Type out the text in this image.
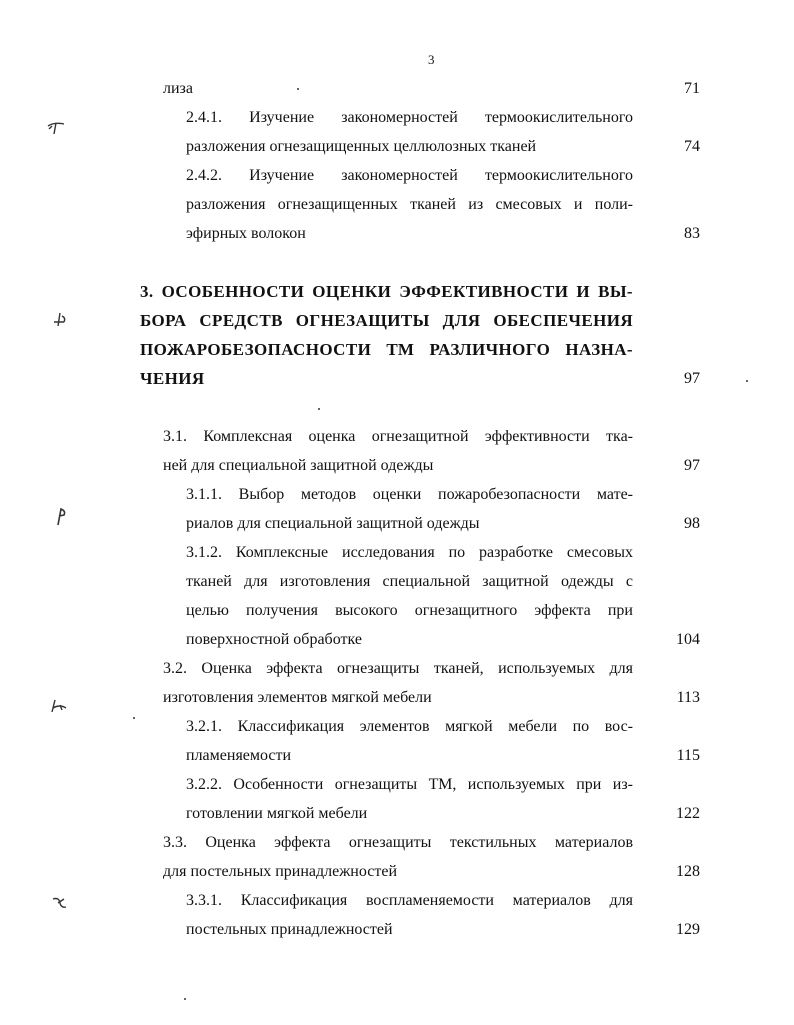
3
лиза	71
2.4.1. Изучение закономерностей термоокислительного
разложения огнезащищенных целлюлозных тканей	74
2.4.2. Изучение закономерностей термоокислительного
разложения огнезащищенных тканей из смесовых и поли-
эфирных волокон	83
3. ОСОБЕННОСТИ ОЦЕНКИ ЭФФЕКТИВНОСТИ И ВЫ-
БОРА СРЕДСТВ ОГНЕЗАЩИТЫ ДЛЯ ОБЕСПЕЧЕНИЯ
ПОЖАРОБЕЗОПАСНОСТИ ТМ РАЗЛИЧНОГО НАЗНА-
ЧЕНИЯ	97
3.1. Комплексная оценка огнезащитной эффективности тка-
ней для специальной защитной одежды	97
3.1.1. Выбор методов оценки пожаробезопасности мате-
риалов для специальной защитной одежды	98
3.1.2. Комплексные исследования по разработке смесовых
тканей для изготовления специальной защитной одежды с
целью получения высокого огнезащитного эффекта при
поверхностной обработке	104
3.2. Оценка эффекта огнезащиты тканей, используемых для
изготовления элементов мягкой мебели	113
3.2.1. Классификация элементов мягкой мебели по вос-
пламеняемости	115
3.2.2. Особенности огнезащиты ТМ, используемых при из-
готовлении мягкой мебели	122
3.3. Оценка эффекта огнезащиты текстильных материалов
для постельных принадлежностей	128
3.3.1. Классификация воспламеняемости материалов для
постельных принадлежностей	129
